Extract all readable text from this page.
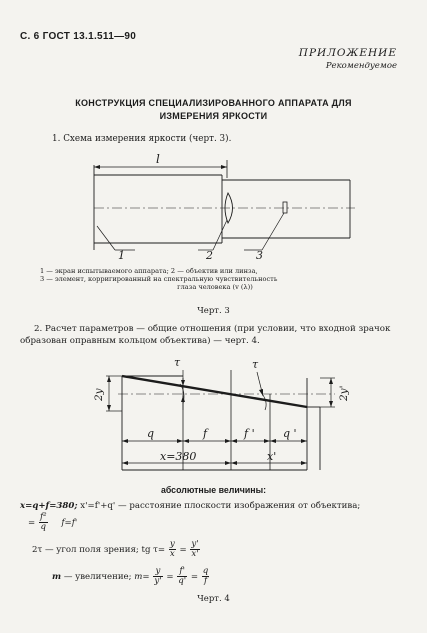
С. 6 ГОСТ 13.1.511—90
ПРИЛОЖЕНИЕ
Рекомендуемое
КОНСТРУКЦИЯ СПЕЦИАЛИЗИРОВАННОГО АППАРАТА ДЛЯ
ИЗМЕРЕНИЯ ЯРКОСТИ
1. Схема измерения яркости (черт. 3).
l
1	2	3
1 — экран испытываемого аппарата; 2 — объектив или линза,
3 — элемент, корригированный на спектральную чувствительность
глаза человека (v (λ))
Черт. 3
2. Расчет параметров — общие отношения (при условии, что входной зрачок образован оправным кольцом объектива) — черт. 4.
2y	2y'
τ	τ
q	f	f '	q '
x=380	x'
абсолютные величины:
x=q+f=380; x'=f'+q' — расстояние плоскости изображения от объектива;
= $\frac{\text{f²}}{q} f=f'$
2τ — угол поля зрения; tg $\tau= \frac{y}{x} = \frac{y'}{x'}$
m — увеличение; $m= \frac{y}{y'} = \frac{f'}{q'} = \frac{q}{f}$
Черт. 4
